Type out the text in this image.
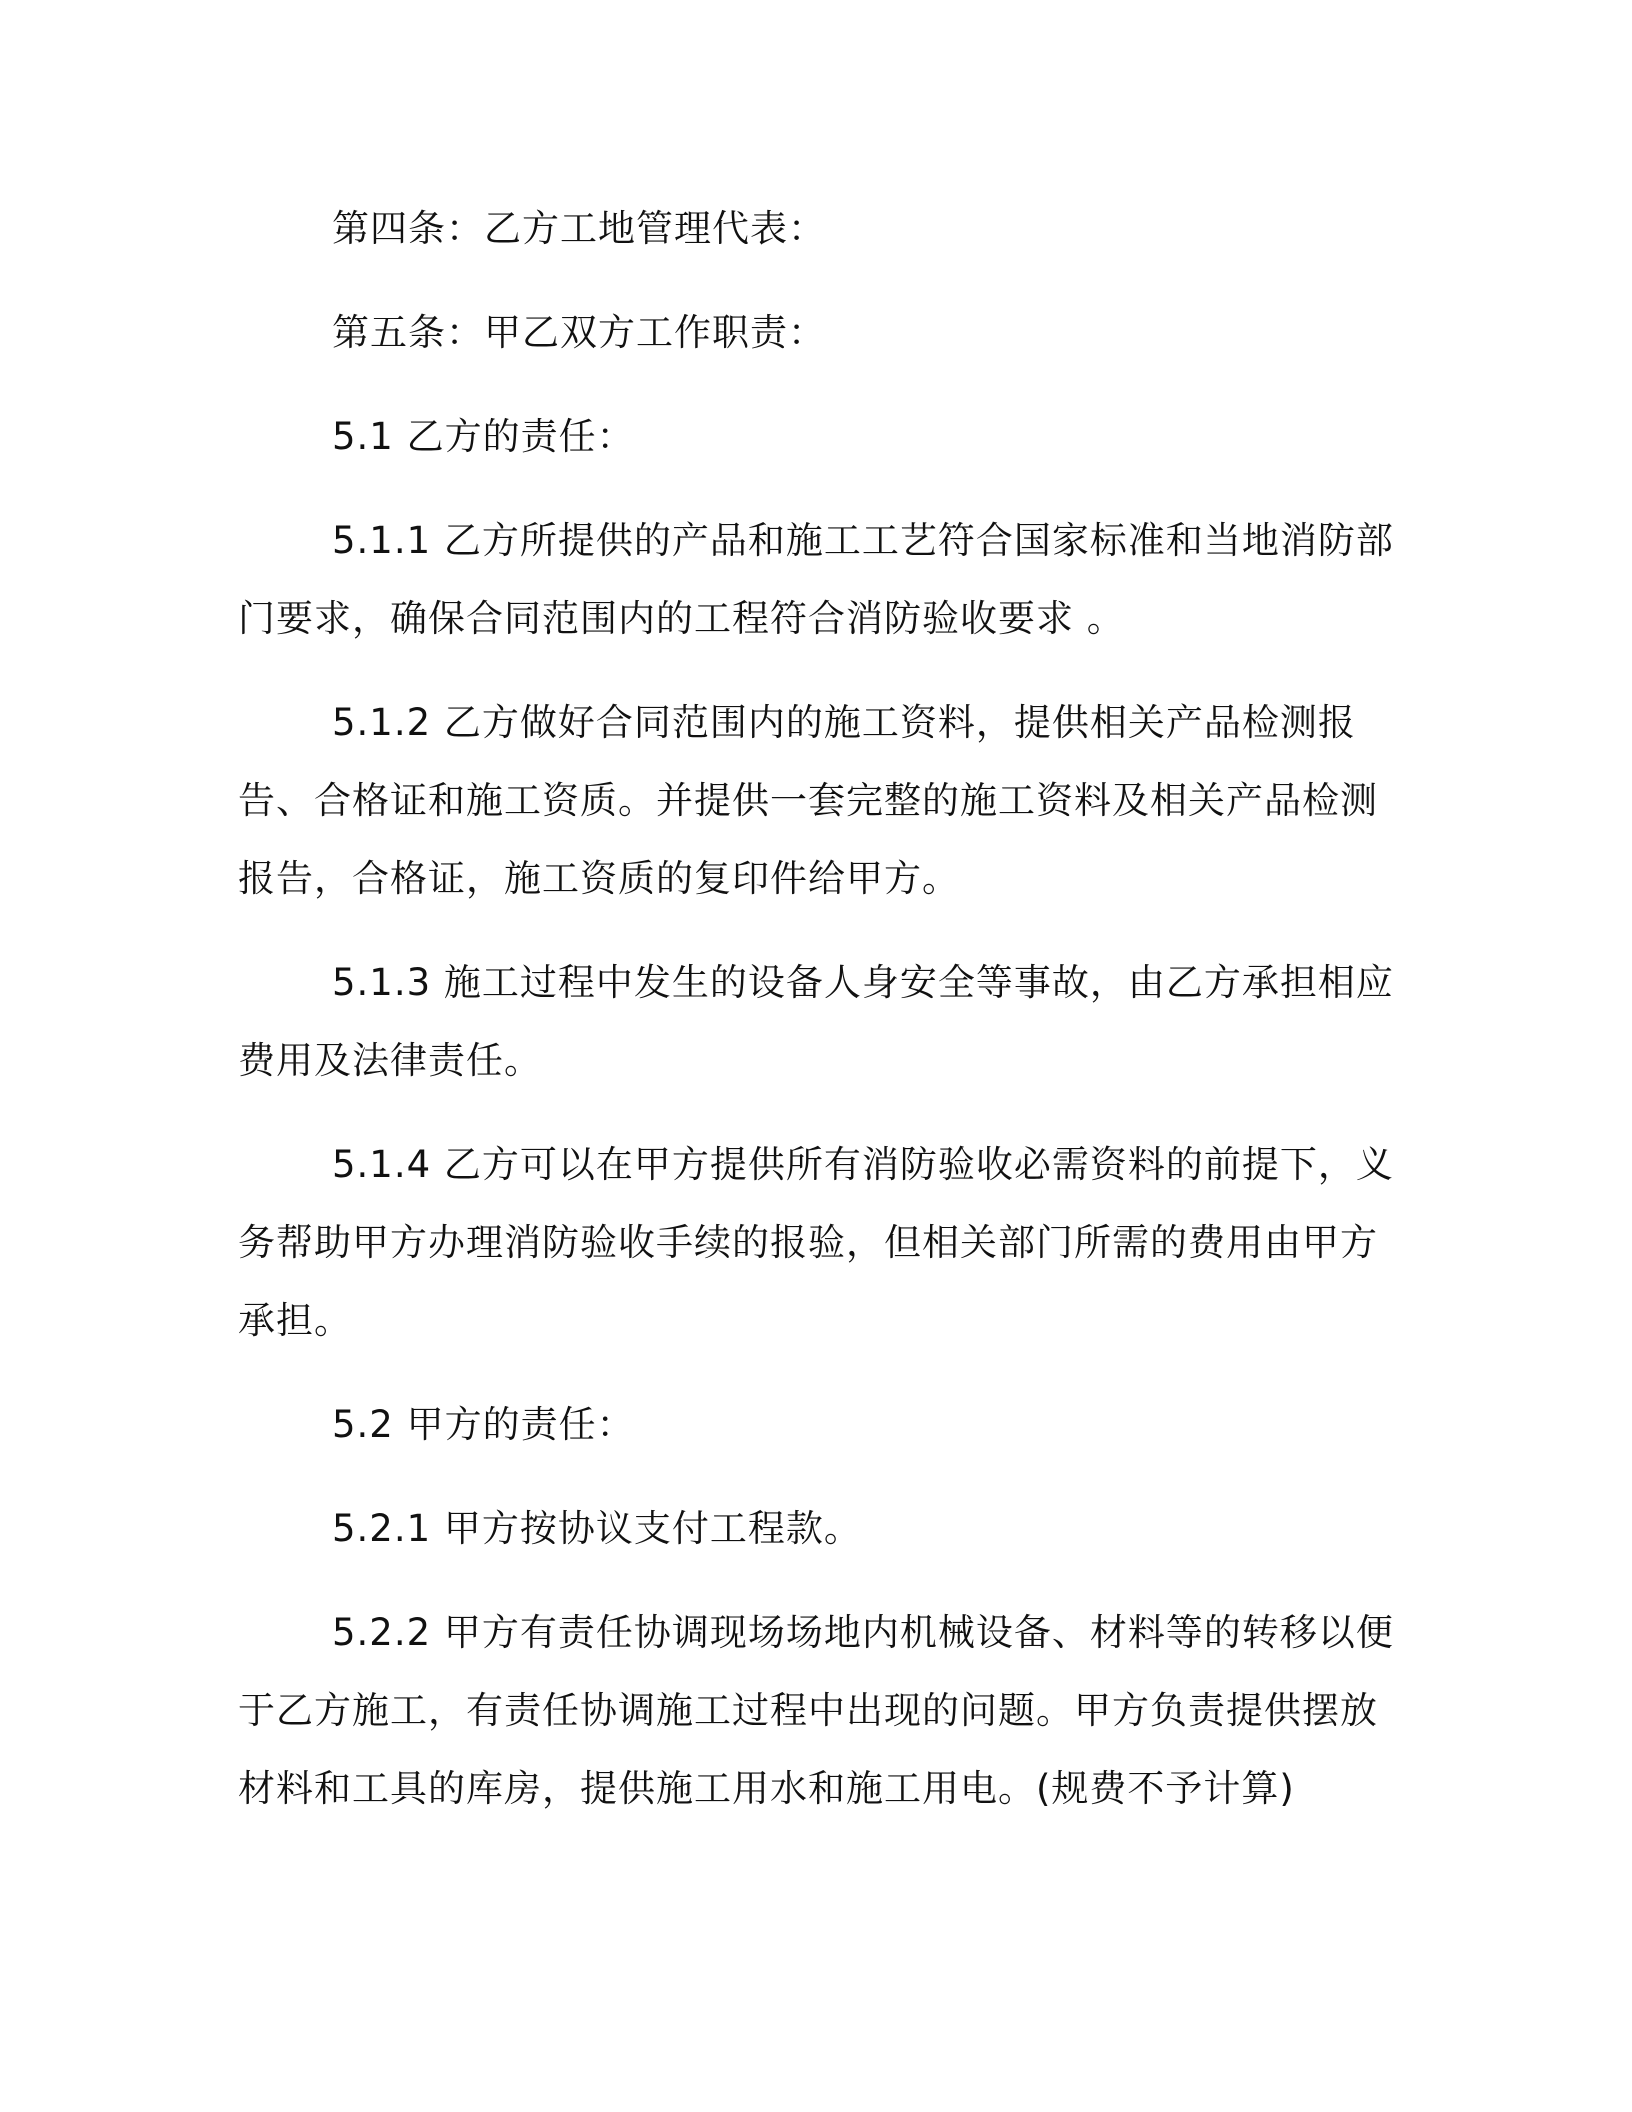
第四条：乙方工地管理代表：

第五条：甲乙双方工作职责：

5.1 乙方的责任：

5.1.1 乙方所提供的产品和施工工艺符合国家标准和当地消防部门要求，确保合同范围内的工程符合消防验收要求 。

5.1.2 乙方做好合同范围内的施工资料，提供相关产品检测报告、合格证和施工资质。并提供一套完整的施工资料及相关产品检测报告，合格证，施工资质的复印件给甲方。

5.1.3 施工过程中发生的设备人身安全等事故，由乙方承担相应费用及法律责任。

5.1.4 乙方可以在甲方提供所有消防验收必需资料的前提下，义务帮助甲方办理消防验收手续的报验，但相关部门所需的费用由甲方承担。

5.2 甲方的责任：

5.2.1 甲方按协议支付工程款。

5.2.2 甲方有责任协调现场场地内机械设备、材料等的转移以便于乙方施工，有责任协调施工过程中出现的问题。甲方负责提供摆放材料和工具的库房，提供施工用水和施工用电。(规费不予计算)
